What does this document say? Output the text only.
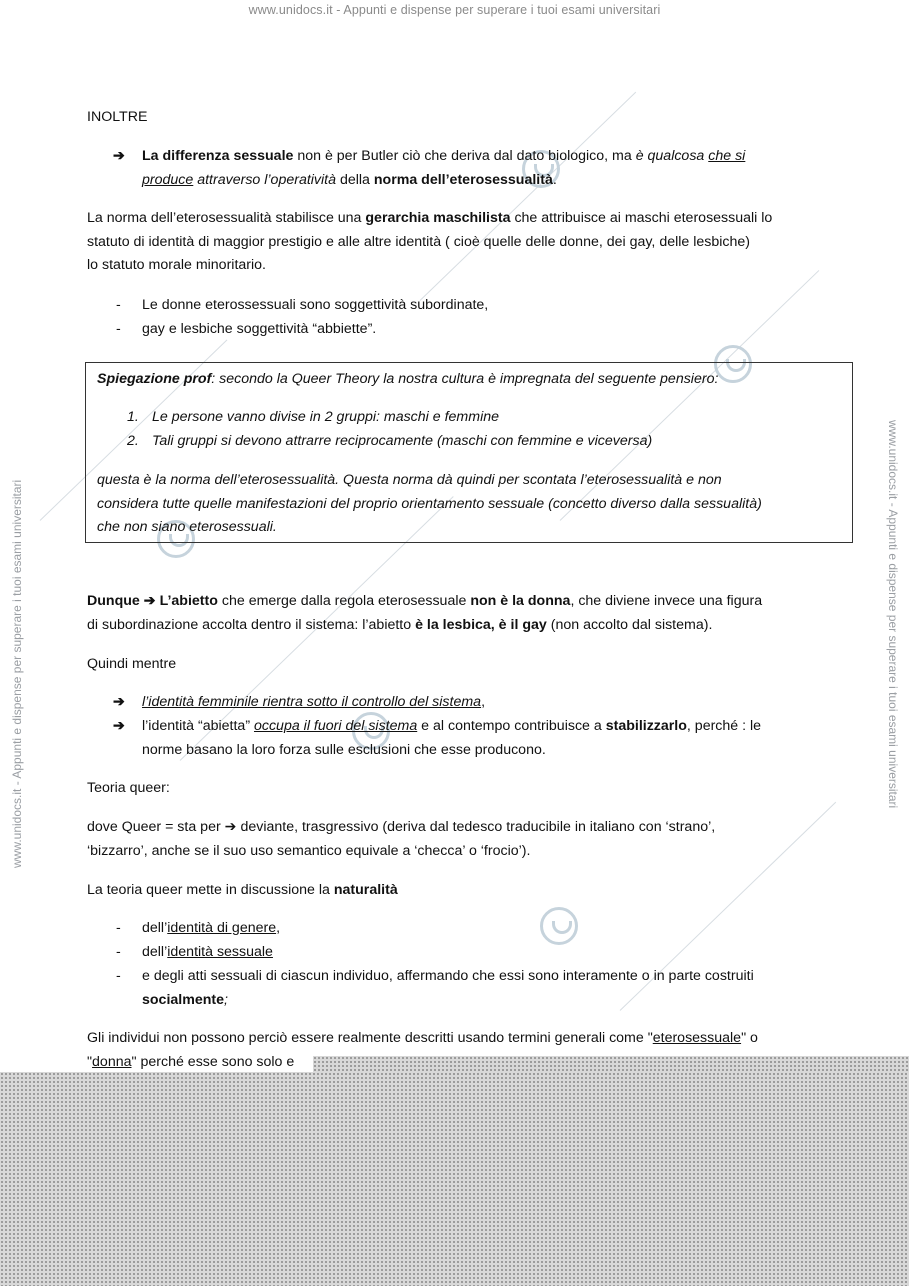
www.unidocs.it - Appunti e dispense per superare i tuoi esami universitari
www.unidocs.it - Appunti e dispense per superare i tuoi esami universitari	www.unidocs.it - Appunti e dispense per superare i tuoi esami universitari
INOLTRE
➔ La differenza sessuale non è per Butler ciò che deriva dal dato biologico, ma è qualcosa che si
produce attraverso l’operatività della norma dell’eterosessualità.
La norma dell’eterosessualità stabilisce una gerarchia maschilista che attribuisce ai maschi eterosessuali lo
statuto di identità di maggior prestigio e alle altre identità ( cioè quelle delle donne, dei gay, delle lesbiche)
lo statuto morale minoritario.
- Le donne eterossessuali sono soggettività subordinate,
- gay e lesbiche soggettività “abbiette”.
Dunque ➔ L’abietto che emerge dalla regola eterosessuale non è la donna, che diviene invece una figura
di subordinazione accolta dentro il sistema: l’abietto è la lesbica, è il gay (non accolto dal sistema).
Quindi mentre
➔ l’identità femminile rientra sotto il controllo del sistema,
➔ l’identità “abietta” occupa il fuori del sistema e al contempo contribuisce a stabilizzarlo, perché : le
norme basano la loro forza sulle esclusioni che esse producono.
Teoria queer:
dove Queer = sta per ➔ deviante, trasgressivo (deriva dal tedesco traducibile in italiano con ‘strano’,
‘bizzarro’, anche se il suo uso semantico equivale a ‘checca’ o ‘frocio’).
La teoria queer mette in discussione la naturalità
- dell’identità di genere,
- dell’identità sessuale
- e degli atti sessuali di ciascun individuo, affermando che essi sono interamente o in parte costruiti
socialmente;
Gli individui non possono perciò essere realmente descritti usando termini generali come "eterosessuale" o
"donna" perché esse sono solo e
Spiegazione prof: secondo la Queer Theory la nostra cultura è impregnata del seguente pensiero:
1. Le persone vanno divise in 2 gruppi: maschi e femmine
2. Tali gruppi si devono attrarre reciprocamente (maschi con femmine e viceversa)
questa è la norma dell’eterosessualità. Questa norma dà quindi per scontata l’eterosessualità e non
considera tutte quelle manifestazioni del proprio orientamento sessuale (concetto diverso dalla sessualità)
che non siano eterosessuali.
